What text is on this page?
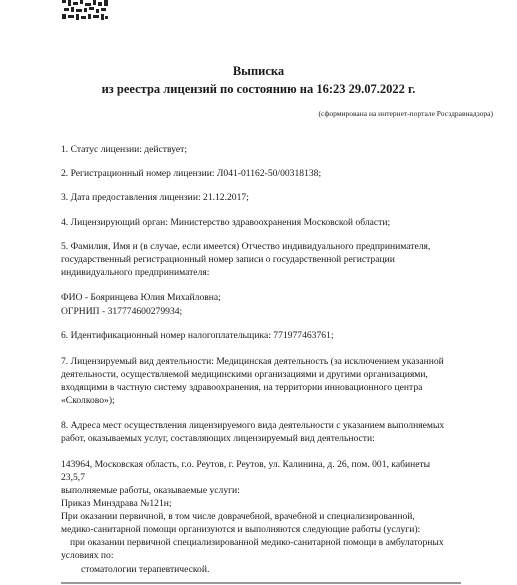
Выписка
из реестра лицензий по состоянию на 16:23 29.07.2022 г.
(сформирована на интернет-портале Росздравнадзора)
1. Статус лицензии: действует;
2. Регистрационный номер лицензии: Л041-01162-50/00318138;
3. Дата предоставления лицензии: 21.12.2017;
4. Лицензирующий орган: Министерство здравоохранения Московской области;
5. Фамилия, Имя и (в случае, если имеется) Отчество индивидуального предпринимателя,
государственный регистрационный номер записи о государственной регистрации
индивидуального предпринимателя:
ФИО - Бояринцева Юлия Михайловна;
ОГРНИП - 317774600279934;
6. Идентификационный номер налогоплательщика: 771977463761;
7. Лицензируемый вид деятельности: Медицинская деятельность (за исключением указанной
деятельности, осуществляемой медицинскими организациями и другими организациями,
входящими в частную систему здравоохранения, на территории инновационного центра
«Сколково»);
8. Адреса мест осуществления лицензируемого вида деятельности с указанием выполняемых
работ, оказываемых услуг, составляющих лицензируемый вид деятельности:
143964, Московская область, г.о. Реутов, г. Реутов, ул. Калинина, д. 26, пом. 001, кабинеты
23,5,7
выполняемые работы, оказываемые услуги:
Приказ Минздрава №121н;
При оказании первичной, в том числе доврачебной, врачебной и специализированной,
медико-санитарной помощи организуются и выполняются следующие работы (услуги):
при оказании первичной специализированной медико-санитарной помощи в амбулаторных
условиях по:
стоматологии терапевтической.
